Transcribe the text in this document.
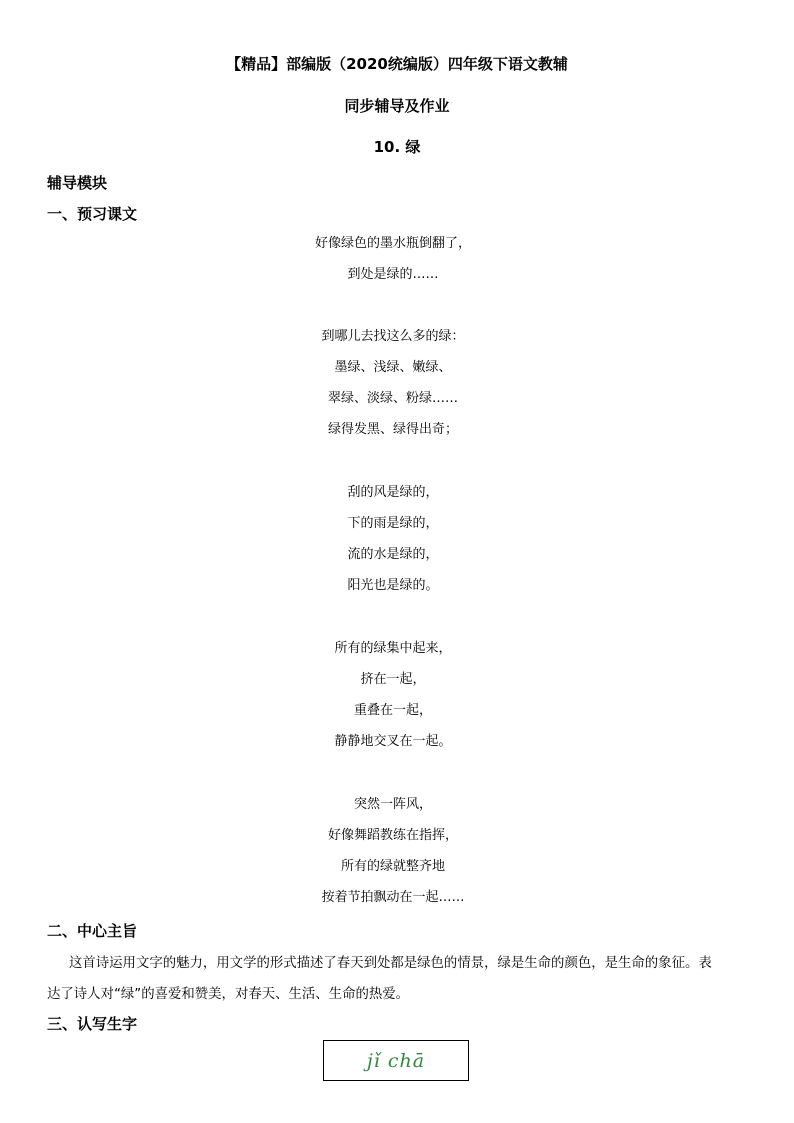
【精品】部编版（2020统编版）四年级下语文教辅
同步辅导及作业
10. 绿
辅导模块
一、预习课文
好像绿色的墨水瓶倒翻了，
到处是绿的……
到哪儿去找这么多的绿：
墨绿、浅绿、嫩绿、
翠绿、淡绿、粉绿……
绿得发黑、绿得出奇；
刮的风是绿的，
下的雨是绿的，
流的水是绿的，
阳光也是绿的。
所有的绿集中起来，
挤在一起，
重叠在一起，
静静地交叉在一起。
突然一阵风，
好像舞蹈教练在指挥，
所有的绿就整齐地
按着节拍飘动在一起……
二、中心主旨
这首诗运用文字的魅力，用文学的形式描述了春天到处都是绿色的情景，绿是生命的颜色，是生命的象征。表
达了诗人对“绿”的喜爱和赞美，对春天、生活、生命的热爱。
三、认写生字
jǐ chā
